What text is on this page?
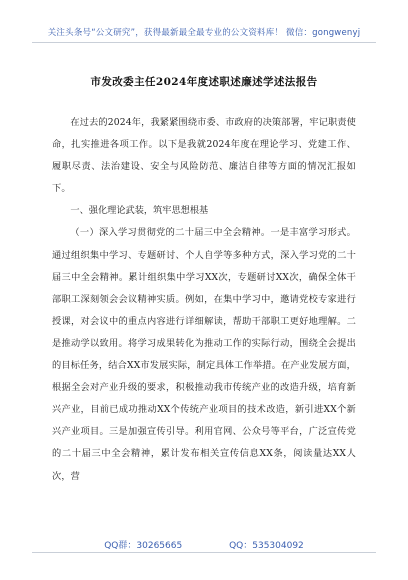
关注头条号“公文研究”，获得最新最全最专业的公文资料库！ 微信：gongwenyj
市发改委主任2024年度述职述廉述学述法报告

在过去的2024年，我紧紧围绕市委、市政府的决策部署，牢记职责使命，扎实推进各项工作。以下是我就2024年度在理论学习、党建工作、履职尽责、法治建设、安全与风险防范、廉洁自律等方面的情况汇报如下。

一、强化理论武装，筑牢思想根基

（一）深入学习贯彻党的二十届三中全会精神。一是丰富学习形式。通过组织集中学习、专题研讨、个人自学等多种方式，深入学习党的二十届三中全会精神。累计组织集中学习XX次，专题研讨XX次，确保全体干部职工深刻领会会议精神实质。例如，在集中学习中，邀请党校专家进行授课，对会议中的重点内容进行详细解读，帮助干部职工更好地理解。二是推动学以致用。将学习成果转化为推动工作的实际行动，围绕全会提出的目标任务，结合XX市发展实际，制定具体工作举措。在产业发展方面，根据全会对产业升级的要求，积极推动我市传统产业的改造升级，培育新兴产业，目前已成功推动XX个传统产业项目的技术改造，新引进XX个新兴产业项目。三是加强宣传引导。利用官网、公众号等平台，广泛宣传党的二十届三中全会精神，累计发布相关宣传信息XX条，阅读量达XX人次，营

QQ群：30265665	QQ：535304092
